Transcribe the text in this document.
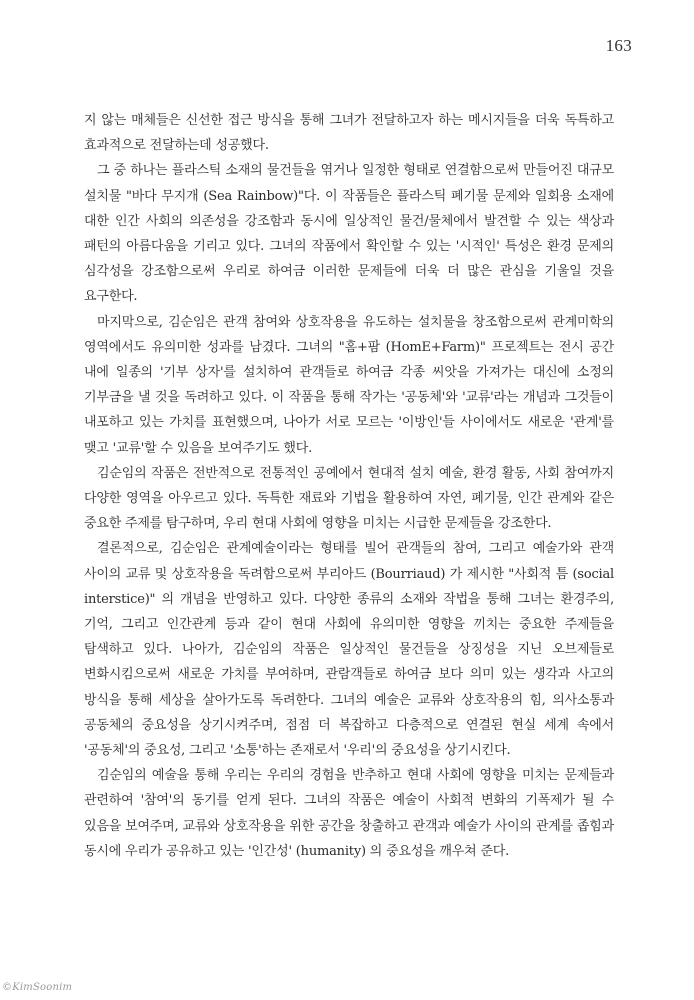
163

지 않는 매체들은 신선한 접근 방식을 통해 그녀가 전달하고자 하는 메시지들을 더욱 독특하고 효과적으로 전달하는데 성공했다.

그 중 하나는 플라스틱 소재의 물건들을 엮거나 일정한 형태로 연결함으로써 만들어진 대규모 설치물 "바다 무지개 (Sea Rainbow)"다. 이 작품들은 플라스틱 폐기물 문제와 일회용 소재에 대한 인간 사회의 의존성을 강조함과 동시에 일상적인 물건/물체에서 발견할 수 있는 색상과 패턴의 아름다움을 기리고 있다. 그녀의 작품에서 확인할 수 있는 '시적인' 특성은 환경 문제의 심각성을 강조함으로써 우리로 하여금 이러한 문제들에 더욱 더 많은 관심을 기울일 것을 요구한다.

마지막으로, 김순임은 관객 참여와 상호작용을 유도하는 설치물을 창조함으로써 관계미학의 영역에서도 유의미한 성과를 남겼다. 그녀의 "홈+팜 (HomE+Farm)" 프로젝트는 전시 공간 내에 일종의 '기부 상자'를 설치하여 관객들로 하여금 각종 씨앗을 가져가는 대신에 소정의 기부금을 낼 것을 독려하고 있다. 이 작품을 통해 작가는 '공동체'와 '교류'라는 개념과 그것들이 내포하고 있는 가치를 표현했으며, 나아가 서로 모르는 '이방인'들 사이에서도 새로운 '관계'를 맺고 '교류'할 수 있음을 보여주기도 했다.

김순임의 작품은 전반적으로 전통적인 공예에서 현대적 설치 예술, 환경 활동, 사회 참여까지 다양한 영역을 아우르고 있다. 독특한 재료와 기법을 활용하여 자연, 폐기물, 인간 관계와 같은 중요한 주제를 탐구하며, 우리 현대 사회에 영향을 미치는 시급한 문제들을 강조한다.

결론적으로, 김순임은 관계예술이라는 형태를 빌어 관객들의 참여, 그리고 예술가와 관객 사이의 교류 및 상호작용을 독려함으로써 부리아드 (Bourriaud) 가 제시한 "사회적 틈 (social interstice)" 의 개념을 반영하고 있다. 다양한 종류의 소재와 작법을 통해 그녀는 환경주의, 기억, 그리고 인간관계 등과 같이 현대 사회에 유의미한 영향을 끼치는 중요한 주제들을 탐색하고 있다. 나아가, 김순임의 작품은 일상적인 물건들을 상징성을 지닌 오브제들로 변화시킴으로써 새로운 가치를 부여하며, 관람객들로 하여금 보다 의미 있는 생각과 사고의 방식을 통해 세상을 살아가도록 독려한다. 그녀의 예술은 교류와 상호작용의 힘, 의사소통과 공동체의 중요성을 상기시켜주며, 점점 더 복잡하고 다층적으로 연결된 현실 세계 속에서 '공동체'의 중요성, 그리고 '소통'하는 존재로서 '우리'의 중요성을 상기시킨다.

김순임의 예술을 통해 우리는 우리의 경험을 반추하고 현대 사회에 영향을 미치는 문제들과 관련하여 '참여'의 동기를 얻게 된다. 그녀의 작품은 예술이 사회적 변화의 기폭제가 될 수 있음을 보여주며, 교류와 상호작용을 위한 공간을 창출하고 관객과 예술가 사이의 관계를 좁힘과 동시에 우리가 공유하고 있는 '인간성' (humanity) 의 중요성을 깨우쳐 준다.

©KimSoonim
